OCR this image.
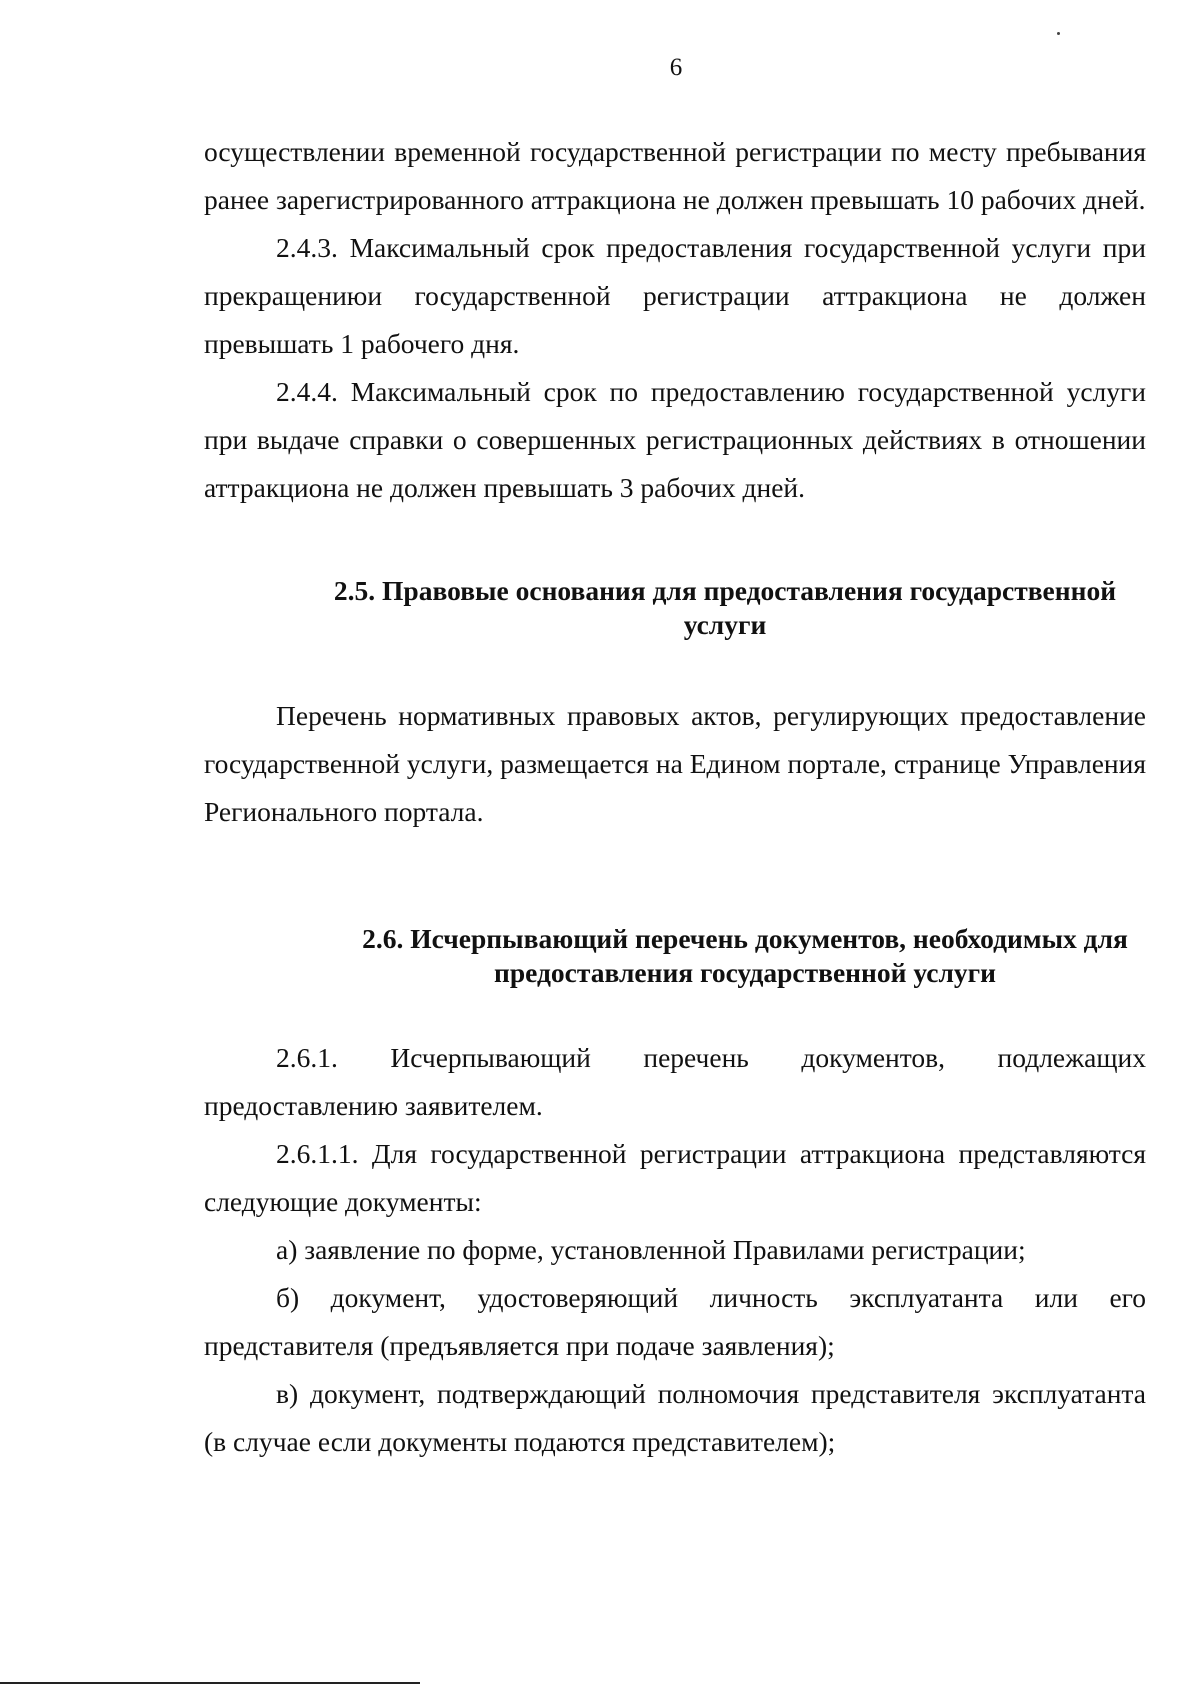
6

осуществлении временной государственной регистрации по месту пребывания ранее зарегистрированного аттракциона не должен превышать 10 рабочих дней.

2.4.3. Максимальный срок предоставления государственной услуги при прекращениюи государственной регистрации аттракциона не должен превышать 1 рабочего дня.

2.4.4. Максимальный срок по предоставлению государственной услуги при выдаче справки о совершенных регистрационных действиях в отношении аттракциона не должен превышать 3 рабочих дней.

2.5. Правовые основания для предоставления государственной
услуги

Перечень нормативных правовых актов, регулирующих предоставление государственной услуги, размещается на Едином портале, странице Управления Регионального портала.

2.6. Исчерпывающий перечень документов, необходимых для
предоставления государственной услуги

2.6.1. Исчерпывающий перечень документов, подлежащих предоставлению заявителем.

2.6.1.1. Для государственной регистрации аттракциона представляются следующие документы:

а) заявление по форме, установленной Правилами регистрации;

б) документ, удостоверяющий личность эксплуатанта или его представителя (предъявляется при подаче заявления);

в) документ, подтверждающий полномочия представителя эксплуатанта (в случае если документы подаются представителем);
